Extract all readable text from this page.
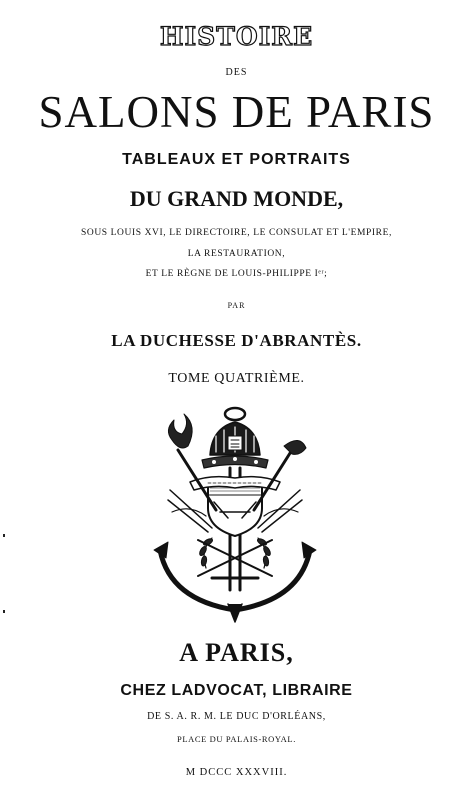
HISTOIRE
DES
SALONS DE PARIS
TABLEAUX ET PORTRAITS
DU GRAND MONDE,
SOUS LOUIS XVI, LE DIRECTOIRE, LE CONSULAT ET L'EMPIRE,
LA RESTAURATION,
ET LE RÈGNE DE LOUIS-PHILIPPE Iᵉʳ;
PAR
LA DUCHESSE D'ABRANTÈS.
TOME QUATRIÈME.
A PARIS,
CHEZ LADVOCAT, LIBRAIRE
DE S. A. R. M. LE DUC D'ORLÉANS,
PLACE DU PALAIS-ROYAL.
M DCCC XXXVIII.
